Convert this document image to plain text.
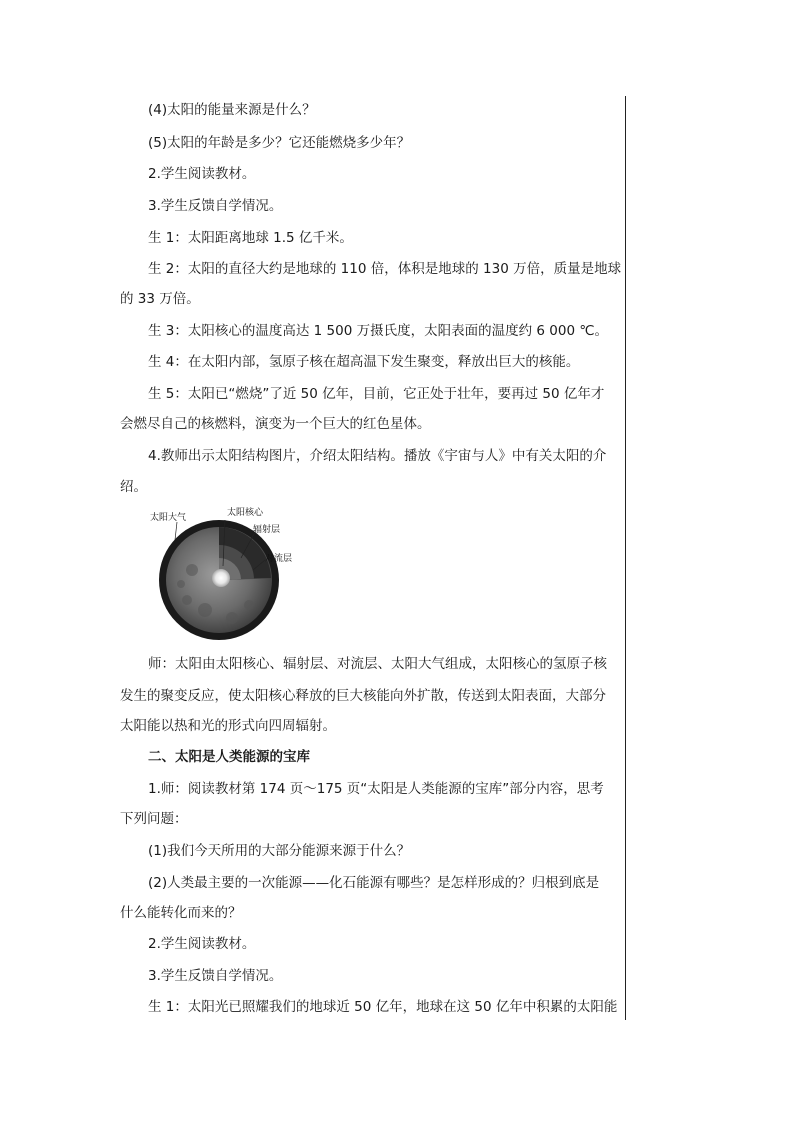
(4)太阳的能量来源是什么？
(5)太阳的年龄是多少？它还能燃烧多少年？
2.学生阅读教材。
3.学生反馈自学情况。
生 1：太阳距离地球 1.5 亿千米。
生 2：太阳的直径大约是地球的 110 倍，体积是地球的 130 万倍，质量是地球
的 33 万倍。
生 3：太阳核心的温度高达 1 500 万摄氏度，太阳表面的温度约 6 000 ℃。
生 4：在太阳内部，氢原子核在超高温下发生聚变，释放出巨大的核能。
生 5：太阳已“燃烧”了近 50 亿年，目前，它正处于壮年，要再过 50 亿年才
会燃尽自己的核燃料，演变为一个巨大的红色星体。
4.教师出示太阳结构图片，介绍太阳结构。播放《宇宙与人》中有关太阳的介
绍。
太阳大气	太阳核心
辐射层
对流层
师：太阳由太阳核心、辐射层、对流层、太阳大气组成，太阳核心的氢原子核
发生的聚变反应，使太阳核心释放的巨大核能向外扩散，传送到太阳表面，大部分
太阳能以热和光的形式向四周辐射。
二、太阳是人类能源的宝库
1.师：阅读教材第 174 页～175 页“太阳是人类能源的宝库”部分内容，思考
下列问题：
(1)我们今天所用的大部分能源来源于什么？
(2)人类最主要的一次能源——化石能源有哪些？是怎样形成的？归根到底是
什么能转化而来的？
2.学生阅读教材。
3.学生反馈自学情况。
生 1：太阳光已照耀我们的地球近 50 亿年，地球在这 50 亿年中积累的太阳能
